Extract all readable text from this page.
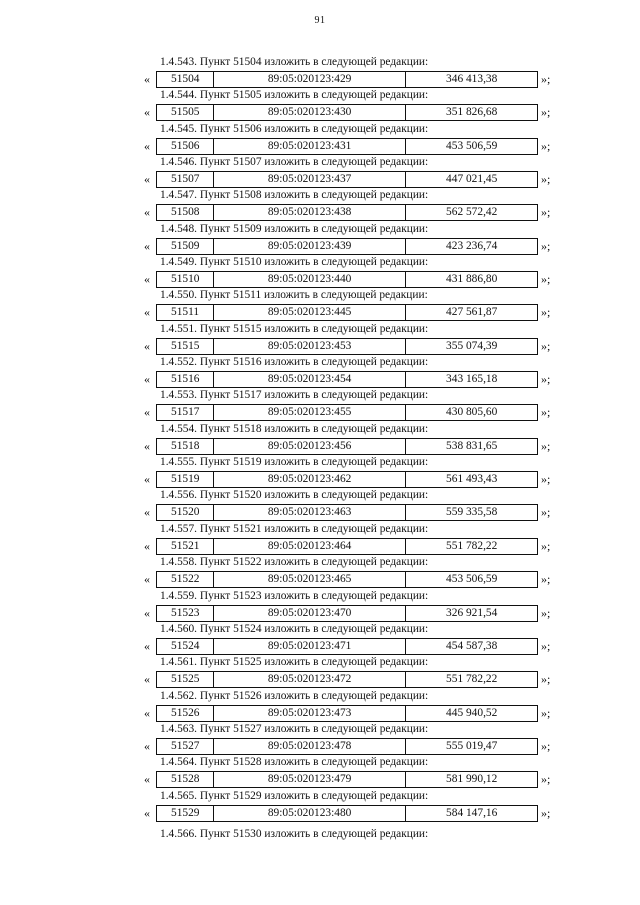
91
1.4.543. Пункт 51504 изложить в следующей редакции:
«	51504	89:05:020123:429	346 413,38	»;
1.4.544. Пункт 51505 изложить в следующей редакции:
«	51505	89:05:020123:430	351 826,68	»;
1.4.545. Пункт 51506 изложить в следующей редакции:
«	51506	89:05:020123:431	453 506,59	»;
1.4.546. Пункт 51507 изложить в следующей редакции:
«	51507	89:05:020123:437	447 021,45	»;
1.4.547. Пункт 51508 изложить в следующей редакции:
«	51508	89:05:020123:438	562 572,42	»;
1.4.548. Пункт 51509 изложить в следующей редакции:
«	51509	89:05:020123:439	423 236,74	»;
1.4.549. Пункт 51510 изложить в следующей редакции:
«	51510	89:05:020123:440	431 886,80	»;
1.4.550. Пункт 51511 изложить в следующей редакции:
«	51511	89:05:020123:445	427 561,87	»;
1.4.551. Пункт 51515 изложить в следующей редакции:
«	51515	89:05:020123:453	355 074,39	»;
1.4.552. Пункт 51516 изложить в следующей редакции:
«	51516	89:05:020123:454	343 165,18	»;
1.4.553. Пункт 51517 изложить в следующей редакции:
«	51517	89:05:020123:455	430 805,60	»;
1.4.554. Пункт 51518 изложить в следующей редакции:
«	51518	89:05:020123:456	538 831,65	»;
1.4.555. Пункт 51519 изложить в следующей редакции:
«	51519	89:05:020123:462	561 493,43	»;
1.4.556. Пункт 51520 изложить в следующей редакции:
«	51520	89:05:020123:463	559 335,58	»;
1.4.557. Пункт 51521 изложить в следующей редакции:
«	51521	89:05:020123:464	551 782,22	»;
1.4.558. Пункт 51522 изложить в следующей редакции:
«	51522	89:05:020123:465	453 506,59	»;
1.4.559. Пункт 51523 изложить в следующей редакции:
«	51523	89:05:020123:470	326 921,54	»;
1.4.560. Пункт 51524 изложить в следующей редакции:
«	51524	89:05:020123:471	454 587,38	»;
1.4.561. Пункт 51525 изложить в следующей редакции:
«	51525	89:05:020123:472	551 782,22	»;
1.4.562. Пункт 51526 изложить в следующей редакции:
«	51526	89:05:020123:473	445 940,52	»;
1.4.563. Пункт 51527 изложить в следующей редакции:
«	51527	89:05:020123:478	555 019,47	»;
1.4.564. Пункт 51528 изложить в следующей редакции:
«	51528	89:05:020123:479	581 990,12	»;
1.4.565. Пункт 51529 изложить в следующей редакции:
«	51529	89:05:020123:480	584 147,16	»;
1.4.566. Пункт 51530 изложить в следующей редакции:
